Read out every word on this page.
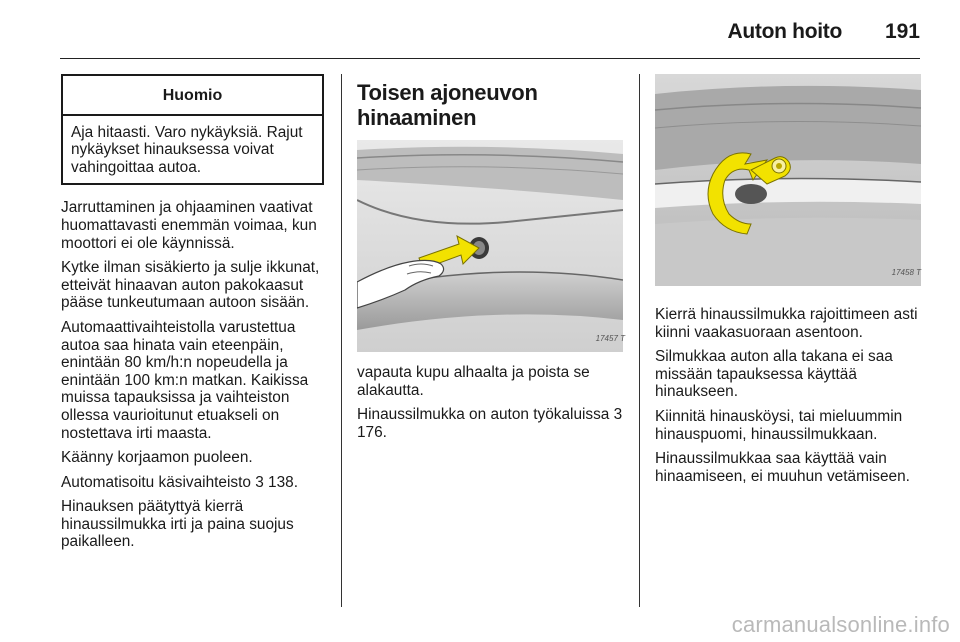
Auton hoito 191
Huomio
Aja hitaasti. Varo nykäyksiä. Rajut nykäykset hinauksessa voivat vahingoittaa autoa.

Jarruttaminen ja ohjaaminen vaativat huomattavasti enemmän voimaa, kun moottori ei ole käynnissä.

Kytke ilman sisäkierto ja sulje ikkunat, etteivät hinaavan auton pakokaasut pääse tunkeutumaan autoon sisään.

Automaattivaihteistolla varustettua autoa saa hinata vain eteenpäin, enintään 80 km/h:n nopeudella ja enintään 100 km:n matkan. Kaikissa muissa tapauksissa ja vaihteiston ollessa vaurioitunut etuakseli on nostettava irti maasta.

Käänny korjaamon puoleen.

Automatisoitu käsivaihteisto 3 138.

Hinauksen päätyttyä kierrä hinaussilmukka irti ja paina suojus paikalleen.

Toisen ajoneuvon hinaaminen
17457 T

vapauta kupu alhaalta ja poista se alakautta.

Hinaussilmukka on auton työkaluissa 3 176.

17458 T

Kierrä hinaussilmukka rajoittimeen asti kiinni vaakasuoraan asentoon.

Silmukkaa auton alla takana ei saa missään tapauksessa käyttää hinaukseen.

Kiinnitä hinausköysi, tai mieluummin hinauspuomi, hinaussilmukkaan.

Hinaussilmukkaa saa käyttää vain hinaamiseen, ei muuhun vetämiseen.

carmanualsonline.info
